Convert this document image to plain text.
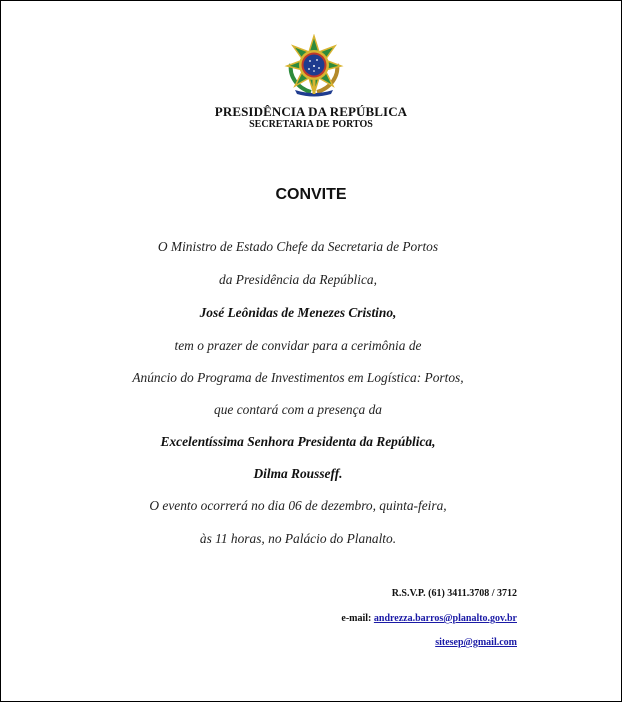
PRESIDÊNCIA DA REPÚBLICA
SECRETARIA DE PORTOS
CONVITE
O Ministro de Estado Chefe da Secretaria de Portos
da Presidência da República,
José Leônidas de Menezes Cristino,
tem o prazer de convidar para a cerimônia de
Anúncio do Programa de Investimentos em Logística: Portos,
que contará com a presença da
Excelentíssima Senhora Presidenta da República,
Dilma Rousseff.
O evento ocorrerá no dia 06 de dezembro, quinta-feira,
às 11 horas, no Palácio do Planalto.
R.S.V.P. (61) 3411.3708 / 3712
e-mail: andrezza.barros@planalto.gov.br
sitesep@gmail.com
